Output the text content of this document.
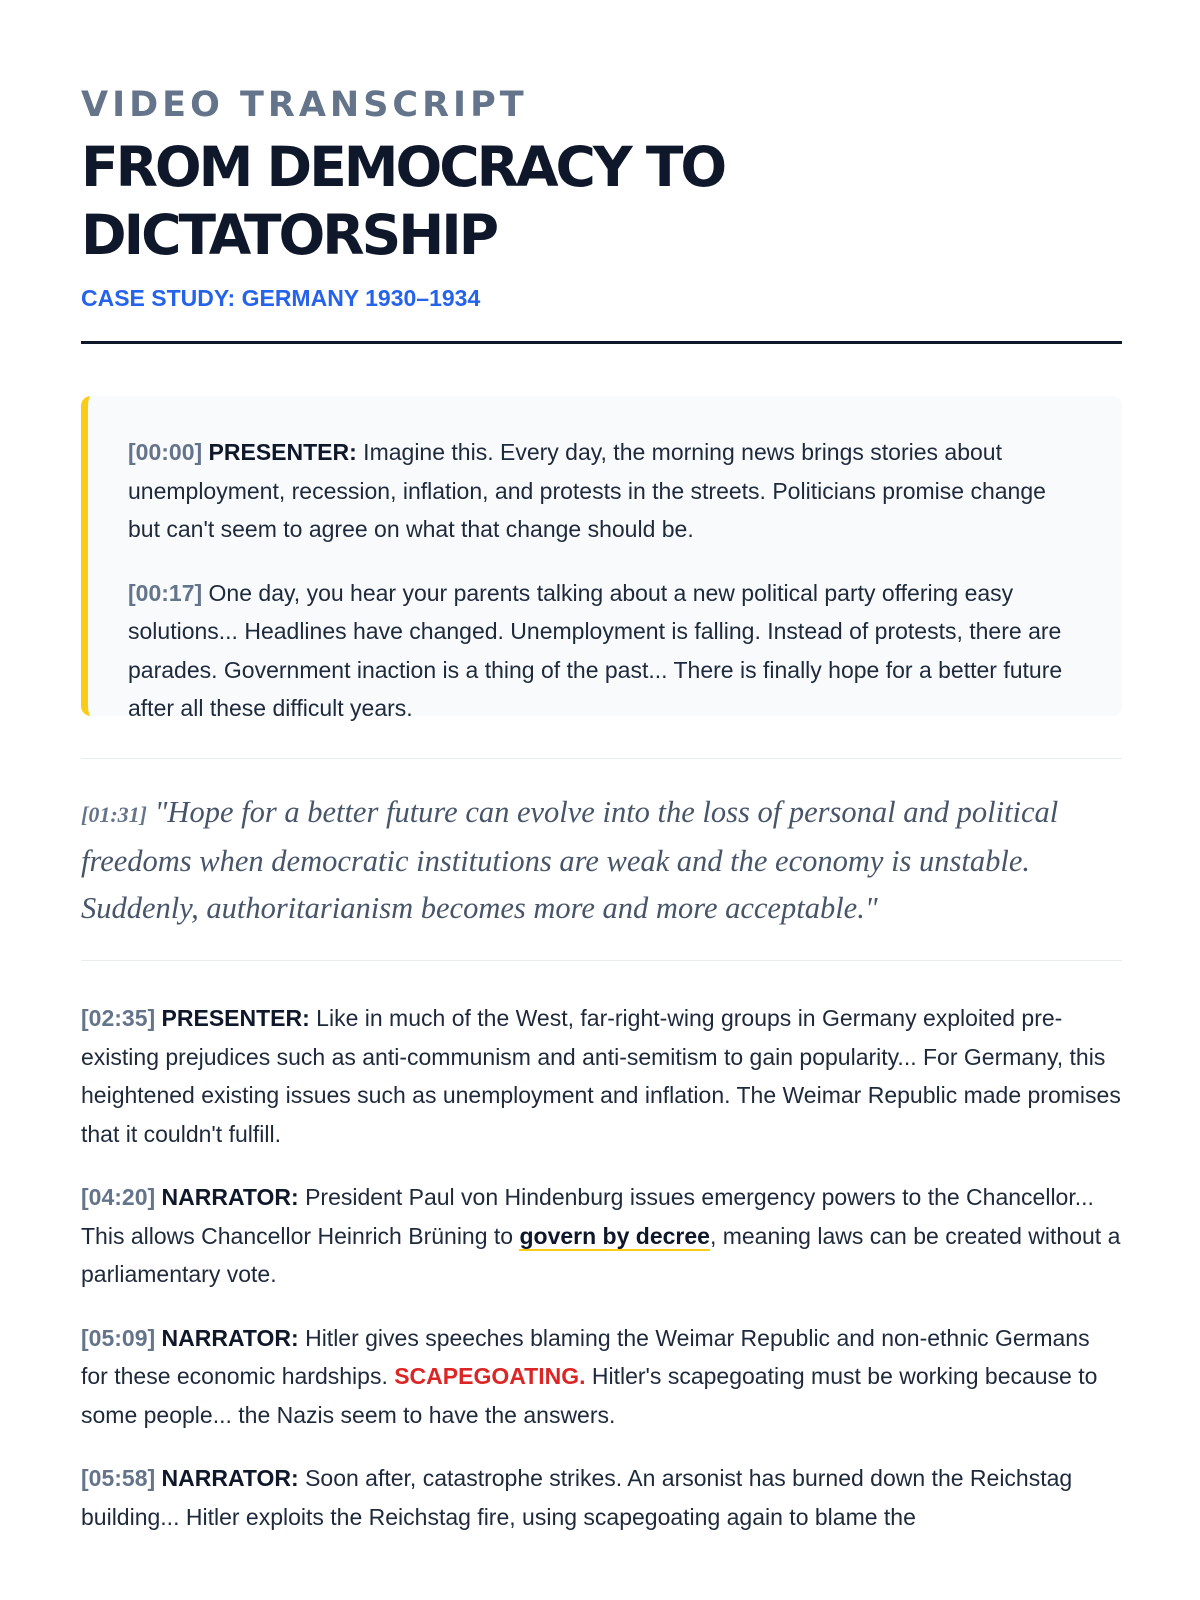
VIDEO TRANSCRIPT

FROM DEMOCRACY TO
DICTATORSHIP

CASE STUDY: GERMANY 1930–1934

[00:00] PRESENTER: Imagine this. Every day, the morning news brings stories about unemployment, recession, inflation, and protests in the streets. Politicians promise change but can't seem to agree on what that change should be.

[00:17] One day, you hear your parents talking about a new political party offering easy solutions... Headlines have changed. Unemployment is falling. Instead of protests, there are parades. Government inaction is a thing of the past... There is finally hope for a better future after all these difficult years.

[01:31] "Hope for a better future can evolve into the loss of personal and political freedoms when democratic institutions are weak and the economy is unstable. Suddenly, authoritarianism becomes more and more acceptable."

[02:35] PRESENTER: Like in much of the West, far-right-wing groups in Germany exploited pre-existing prejudices such as anti-communism and anti-semitism to gain popularity... For Germany, this heightened existing issues such as unemployment and inflation. The Weimar Republic made promises that it couldn't fulfill.

[04:20] NARRATOR: President Paul von Hindenburg issues emergency powers to the Chancellor... This allows Chancellor Heinrich Brüning to govern by decree, meaning laws can be created without a parliamentary vote.

[05:09] NARRATOR: Hitler gives speeches blaming the Weimar Republic and non-ethnic Germans for these economic hardships. SCAPEGOATING. Hitler's scapegoating must be working because to some people... the Nazis seem to have the answers.

[05:58] NARRATOR: Soon after, catastrophe strikes. An arsonist has burned down the Reichstag building... Hitler exploits the Reichstag fire, using scapegoating again to blame the
